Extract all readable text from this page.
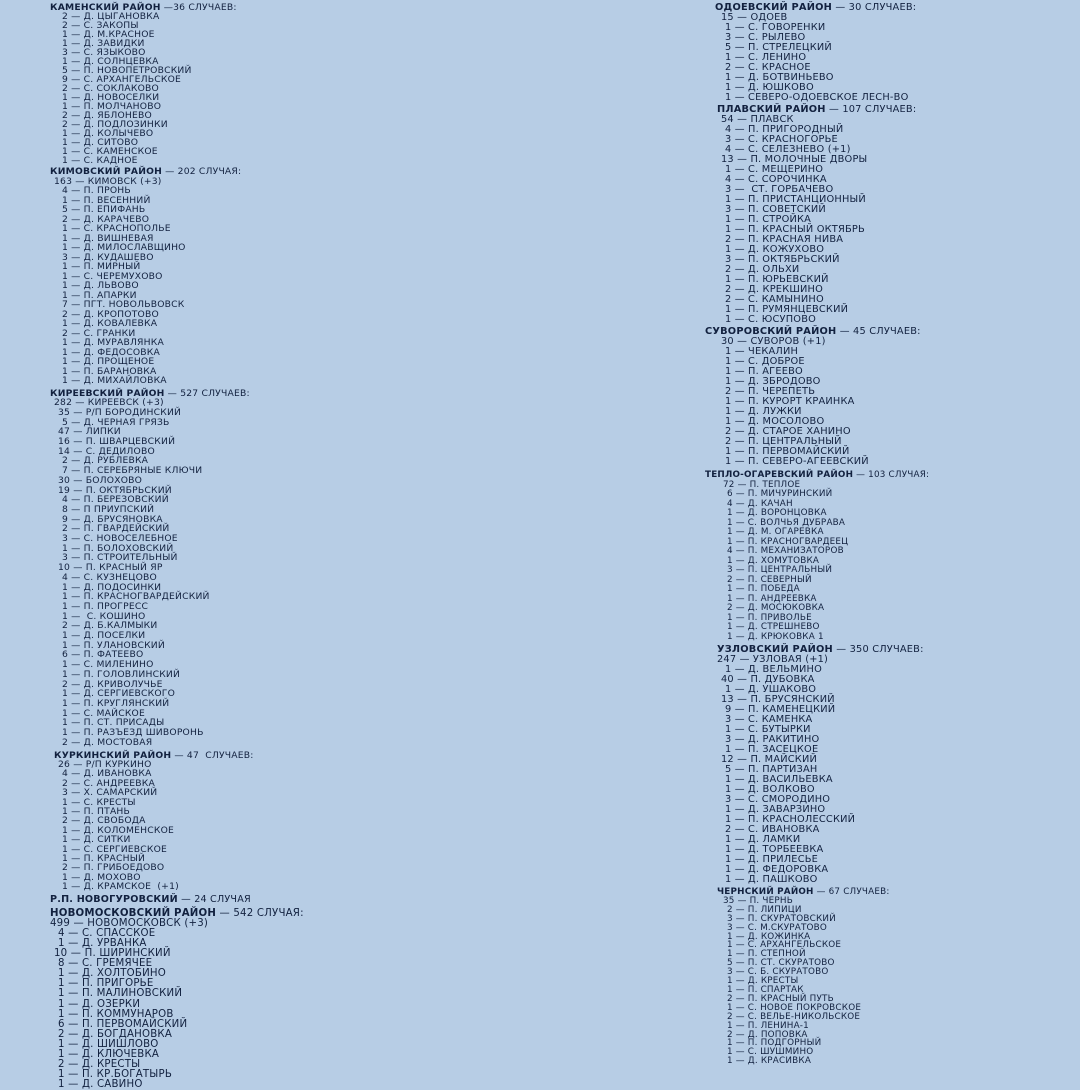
КАМЕНСКИЙ РАЙОН —36 СЛУЧАЕВ:
2 — Д. ЦЫГАНОВКА
2 — С. ЗАКОПЫ
1 — Д. М.КРАСНОЕ
1 — Д. ЗАВИДКИ
3 — С. ЯЗЫКОВО
1 — Д. СОЛНЦЕВКА
5 — П. НОВОПЕТРОВСКИЙ
9 — С. АРХАНГЕЛЬСКОЕ
2 — С. СОКЛАКОВО
1 — Д. НОВОСЕЛКИ
1 — П. МОЛЧАНОВО
2 — Д. ЯБЛОНЕВО
2 — Д. ПОДЛОЗИНКИ
1 — Д. КОЛЫЧЕВО
1 — Д. СИТОВО
1 — С. КАМЕНСКОЕ
1 — С. КАДНОЕ
КИМОВСКИЙ РАЙОН — 202 СЛУЧАЯ:
163 — КИМОВСК (+3)
4 — П. ПРОНЬ
1 — П. ВЕСЕННИЙ
5 — П. ЕПИФАНЬ
2 — Д. КАРАЧЕВО
1 — С. КРАСНОПОЛЬЕ
1 — Д. ВИШНЕВАЯ
1 — Д. МИЛОСЛАВЩИНО
3 — Д. КУДАШЕВО
1 — П. МИРНЫЙ
1 — С. ЧЕРЕМУХОВО
1 — Д. ЛЬВОВО
1 — П. АПАРКИ
7 — ПГТ. НОВОЛЬВОВСК
2 — Д. КРОПОТОВО
1 — Д. КОВАЛЕВКА
2 — С. ГРАНКИ
1 — Д. МУРАВЛЯНКА
1 — Д. ФЕДОСОВКА
1 — Д. ПРОЩЕНОЕ
1 — П. БАРАНОВКА
1 — Д. МИХАЙЛОВКА
КИРЕЕВСКИЙ РАЙОН — 527 СЛУЧАЕВ:
282 — КИРЕЕВСК (+3)
35 — Р/П БОРОДИНСКИЙ
5 — Д. ЧЕРНАЯ ГРЯЗЬ
47 — ЛИПКИ
16 — П. ШВАРЦЕВСКИЙ
14 — С. ДЕДИЛОВО
2 — Д. РУБЛЕВКА
7 — П. СЕРЕБРЯНЫЕ КЛЮЧИ
30 — БОЛОХОВО
19 — П. ОКТЯБРЬСКИЙ
4 — П. БЕРЕЗОВСКИЙ
8 — П ПРИУПСКИЙ
9 — Д. БРУСЯНОВКА
2 — П. ГВАРДЕЙСКИЙ
3 — С. НОВОСЕЛЕБНОЕ
1 — П. БОЛОХОВСКИЙ
3 — П. СТРОИТЕЛЬНЫЙ
10 — П. КРАСНЫЙ ЯР
4 — С. КУЗНЕЦОВО
1 — Д. ПОДОСИНКИ
1 — П. КРАСНОГВАРДЕЙСКИЙ
1 — П. ПРОГРЕСС
1 —  С. КОШИНО
2 — Д. Б.КАЛМЫКИ
1 — Д. ПОСЕЛКИ
1 — П. УЛАНОВСКИЙ
6 — П. ФАТЕЕВО
1 — С. МИЛЕНИНО
1 — П. ГОЛОВЛИНСКИЙ
2 — Д. КРИВОЛУЧЬЕ
1 — Д. СЕРГИЕВСКОГО
1 — П. КРУГЛЯНСКИЙ
1 — С. МАЙСКОЕ
1 — П. СТ. ПРИСАДЫ
1 — П. РАЗЪЕЗД ШИВОРОНЬ
2 — Д. МОСТОВАЯ
КУРКИНСКИЙ РАЙОН — 47  СЛУЧАЕВ:
26 — Р/П КУРКИНО
4 — Д. ИВАНОВКА
2 — С. АНДРЕЕВКА
3 — Х. САМАРСКИЙ
1 — С. КРЕСТЫ
1 — П. ПТАНЬ
2 — Д. СВОБОДА
1 — Д. КОЛОМЕНСКОЕ
1 — Д. СИТКИ
1 — С. СЕРГИЕВСКОЕ
1 — П. КРАСНЫЙ
2 — П. ГРИБОЕДОВО
1 — Д. МОХОВО
1 — Д. КРАМСКОЕ  (+1)
Р.П. НОВОГУРОВСКИЙ — 24 СЛУЧАЯ
НОВОМОСКОВСКИЙ РАЙОН — 542 СЛУЧАЯ:
499 — НОВОМОСКОВСК (+3)
4 — С. СПАССКОЕ
1 — Д. УРВАНКА
10 — П. ШИРИНСКИЙ
8 — С. ГРЕМЯЧЕЕ
1 — Д. ХОЛТОБИНО
1 — П. ПРИГОРЬЕ
1 — П. МАЛИНОВСКИЙ
1 — Д. ОЗЕРКИ
1 — П. КОММУНАРОВ
6 — П. ПЕРВОМАЙСКИЙ
2 — Д. БОГДАНОВКА
1 — Д. ШИШЛОВО
1 — Д. КЛЮЧЕВКА
2 — Д. КРЕСТЫ
1 — П. КР.БОГАТЫРЬ
1 — Д. САВИНО
ОДОЕВСКИЙ РАЙОН — 30 СЛУЧАЕВ:
15 — ОДОЕВ
1 — С. ГОВОРЕНКИ
3 — С. РЫЛЕВО
5 — П. СТРЕЛЕЦКИЙ
1 — С. ЛЕНИНО
2 — С. КРАСНОЕ
1 — Д. БОТВИНЬЕВО
1 — Д. ЮШКОВО
1 — СЕВЕРО-ОДОЕВСКОЕ ЛЕСН-ВО
ПЛАВСКИЙ РАЙОН — 107 СЛУЧАЕВ:
54 — ПЛАВСК
4 — П. ПРИГОРОДНЫЙ
3 — С. КРАСНОГОРЬЕ
4 — С. СЕЛЕЗНЕВО (+1)
13 — П. МОЛОЧНЫЕ ДВОРЫ
1 — С. МЕЩЕРИНО
4 — С. СОРОЧИНКА
3 —  СТ. ГОРБАЧЕВО
1 — П. ПРИСТАНЦИОННЫЙ
3 — П. СОВЕТСКИЙ
1 — П. СТРОЙКА
1 — П. КРАСНЫЙ ОКТЯБРЬ
2 — П. КРАСНАЯ НИВА
1 — Д. КОЖУХОВО
3 — П. ОКТЯБРЬСКИЙ
2 — Д. ОЛЬХИ
1 — П. ЮРЬЕВСКИЙ
2 — Д. КРЕКШИНО
2 — С. КАМЫНИНО
1 — П. РУМЯНЦЕВСКИЙ
1 — С. ЮСУПОВО
СУВОРОВСКИЙ РАЙОН — 45 СЛУЧАЕВ:
30 — СУВОРОВ (+1)
1 — ЧЕКАЛИН
1 — С. ДОБРОЕ
1 — П. АГЕЕВО
1 — Д. ЗБРОДОВО
2 — П. ЧЕРЕПЕТЬ
1 — П. КУРОРТ КРАИНКА
1 — Д. ЛУЖКИ
1 — Д. МОСОЛОВО
2 — Д. СТАРОЕ ХАНИНО
2 — П. ЦЕНТРАЛЬНЫЙ
1 — П. ПЕРВОМАЙСКИЙ
1 — П. СЕВЕРО-АГЕЕВСКИЙ
ТЕПЛО-ОГАРЕВСКИЙ РАЙОН — 103 СЛУЧАЯ:
72 — П. ТЕПЛОЕ
6 — П. МИЧУРИНСКИЙ
4 — Д. КАЧАН
1 — Д. ВОРОНЦОВКА
1 — С. ВОЛЧЬЯ ДУБРАВА
1 — Д. М. ОГАРЕВКА
1 — П. КРАСНОГВАРДЕЕЦ
4 — П. МЕХАНИЗАТОРОВ
1 — Д. ХОМУТОВКА
3 — П. ЦЕНТРАЛЬНЫЙ
2 — П. СЕВЕРНЫЙ
1 — П. ПОБЕДА
1 — П. АНДРЕЕВКА
2 — Д. МОСЮКОВКА
1 — П. ПРИВОЛЬЕ
1 — Д. СТРЕШНЕВО
1 — Д. КРЮКОВКА 1
УЗЛОВСКИЙ РАЙОН — 350 СЛУЧАЕВ:
247 — УЗЛОВАЯ (+1)
1 — Д. ВЕЛЬМИНО
40 — П. ДУБОВКА
1 — Д. УШАКОВО
13 — П. БРУСЯНСКИЙ
9 — П. КАМЕНЕЦКИЙ
3 — С. КАМЕНКА
1 — С. БУТЫРКИ
3 — Д. РАКИТИНО
1 — П. ЗАСЕЦКОЕ
12 — П. МАЙСКИЙ
5 — П. ПАРТИЗАН
1 — Д. ВАСИЛЬЕВКА
1 — Д. ВОЛКОВО
3 — С. СМОРОДИНО
1 — Д. ЗАВАРЗИНО
1 — П. КРАСНОЛЕССКИЙ
2 — С. ИВАНОВКА
1 — Д. ЛАМКИ
1 — Д. ТОРБЕЕВКА
1 — Д. ПРИЛЕСЬЕ
1 — Д. ФЕДОРОВКА
1 — Д. ПАШКОВО
ЧЕРНСКИЙ РАЙОН — 67 СЛУЧАЕВ:
35 — П. ЧЕРНЬ
2 — П. ЛИПИЦИ
3 — П. СКУРАТОВСКИЙ
3 — С. М.СКУРАТОВО
1 — Д. КОЖИНКА
1 — С. АРХАНГЕЛЬСКОЕ
1 — П. СТЕПНОЙ
5 — П. СТ. СКУРАТОВО
3 — С. Б. СКУРАТОВО
1 — Д. КРЕСТЫ
1 — П. СПАРТАК
2 — П. КРАСНЫЙ ПУТЬ
1 — С. НОВОЕ ПОКРОВСКОЕ
2 — С. ВЕЛЬЕ-НИКОЛЬСКОЕ
1 — П. ЛЕНИНА-1
2 — Д. ПОПОВКА
1 — П. ПОДГОРНЫЙ
1 — С. ШУШМИНО
1 — Д. КРАСИВКА
